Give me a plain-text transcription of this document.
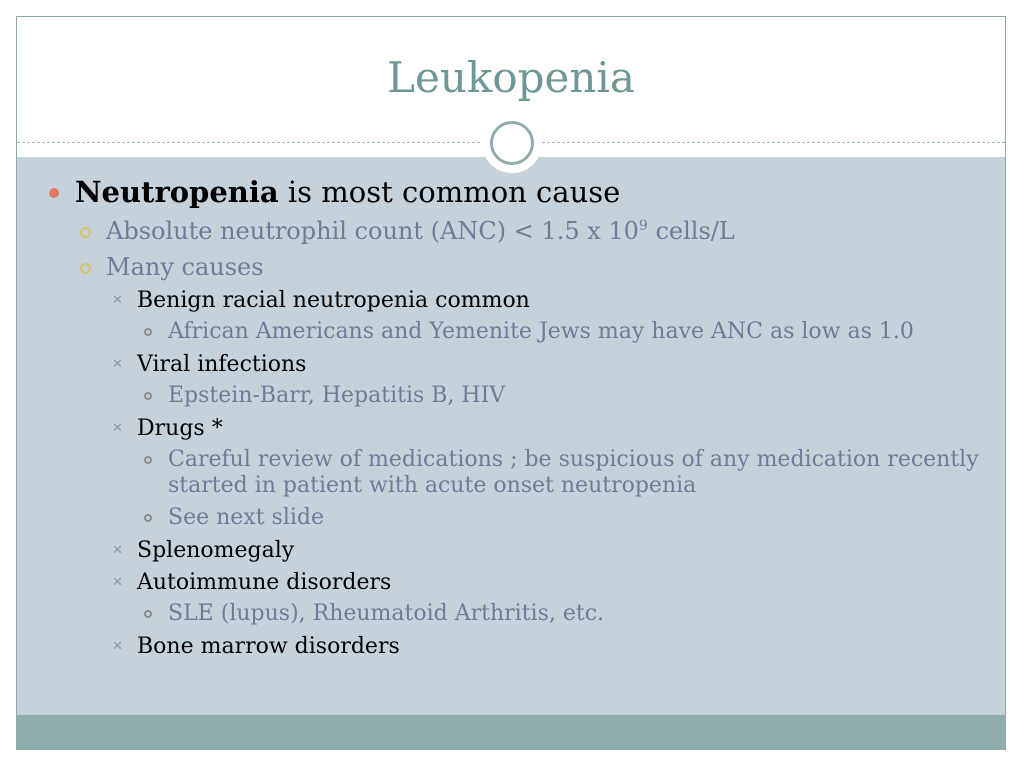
Leukopenia
Neutropenia is most common cause
Absolute neutrophil count (ANC) < 1.5 x $10^9$ cells/L
Many causes
✕ Benign racial neutropenia common
African Americans and Yemenite Jews may have ANC as low as 1.0
✕ Viral infections
Epstein-Barr, Hepatitis B, HIV
✕ Drugs *
Careful review of medications ; be suspicious of any medication recently
started in patient with acute onset neutropenia
See next slide
✕ Splenomegaly
✕ Autoimmune disorders
SLE (lupus), Rheumatoid Arthritis, etc.
✕ Bone marrow disorders
